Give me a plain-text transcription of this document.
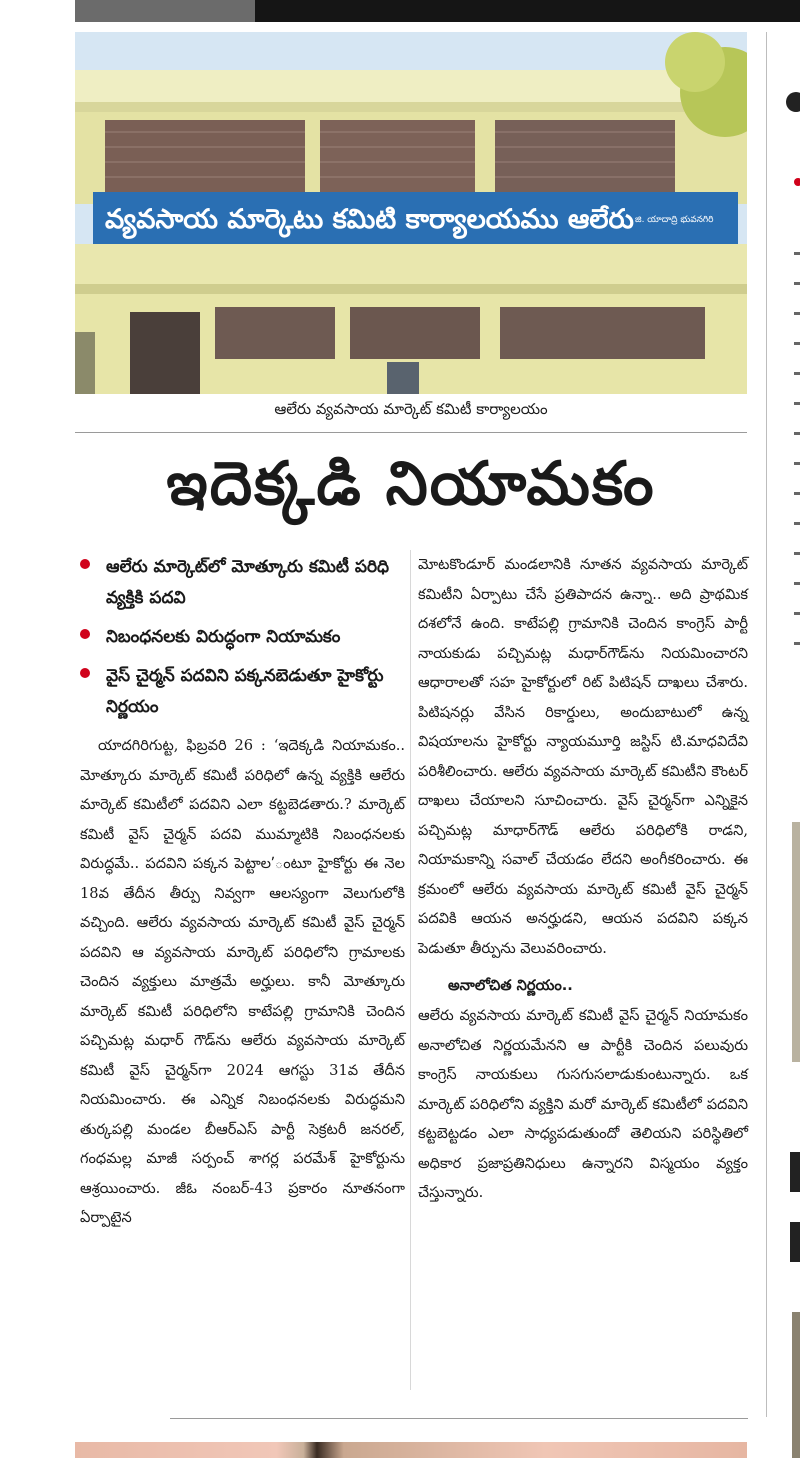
వ్యవసాయ మార్కెటు కమిటి కార్యాలయము ఆలేరు జి. యాదాద్రి భువనగిరి
ఆలేరు వ్యవసాయ మార్కెట్ కమిటీ కార్యాలయం
ఇదెక్కడి నియామకం
ఆలేరు మార్కెట్‌లో మోత్కూరు కమిటీ పరిధి వ్యక్తికి పదవి
నిబంధనలకు విరుద్ధంగా నియామకం
వైస్ చైర్మన్ పదవిని పక్కనబెడుతూ హైకోర్టు నిర్ణయం

యాదగిరిగుట్ట, ఫిబ్రవరి 26 : ‘ఇదెక్కడి నియామకం.. మోత్కూరు మార్కెట్ కమిటీ పరిధిలో ఉన్న వ్యక్తికి ఆలేరు మార్కెట్ కమిటీలో పదవిని ఎలా కట్టబెడతారు.? మార్కెట్ కమిటీ వైస్ చైర్మన్ పదవి ముమ్మాటికి నిబంధనలకు విరుద్ధమే.. పదవిని పక్కన పెట్టాల’ంటూ హైకోర్టు ఈ నెల 18వ తేదీన తీర్పు నివ్వగా ఆలస్యంగా వెలుగులోకి వచ్చింది. ఆలేరు వ్యవసాయ మార్కెట్ కమిటీ వైస్ చైర్మన్ పదవిని ఆ వ్యవసాయ మార్కెట్ పరిధిలోని గ్రామాలకు చెందిన వ్యక్తులు మాత్రమే అర్హులు. కానీ మోత్కూరు మార్కెట్ కమిటీ పరిధిలోని కాటేపల్లి గ్రామానికి చెందిన పచ్చిమట్ల మధార్ గౌడ్‌ను ఆలేరు వ్యవసాయ మార్కెట్ కమిటీ వైస్ చైర్మన్‌గా 2024 ఆగస్టు 31వ తేదీన నియమించారు. ఈ ఎన్నిక నిబంధనలకు విరుద్ధమని తుర్కపల్లి మండల బీఆర్‌ఎస్ పార్టీ సెక్రటరీ జనరల్, గంధమల్ల మాజీ సర్పంచ్ శాగర్ల పరమేశ్ హైకోర్టును ఆశ్రయించారు. జీఓ నంబర్-43 ప్రకారం నూతనంగా ఏర్పాటైన

మోటకొండూర్ మండలానికి నూతన వ్యవసాయ మార్కెట్ కమిటీని ఏర్పాటు చేసే ప్రతిపాదన ఉన్నా.. అది ప్రాథమిక దశలోనే ఉంది. కాటేపల్లి గ్రామానికి చెందిన కాంగ్రెస్ పార్టీ నాయకుడు పచ్చిమట్ల మధార్‌గౌడ్‌ను నియమించారని ఆధారాలతో సహ హైకోర్టులో రిట్ పిటిషన్ దాఖలు చేశారు. పిటిషనర్లు వేసిన రికార్డులు, అందుబాటులో ఉన్న విషయాలను హైకోర్టు న్యాయమూర్తి జస్టిస్ టి.మాధవిదేవి పరిశీలించారు. ఆలేరు వ్యవసాయ మార్కెట్ కమిటీని కౌంటర్ దాఖలు చేయాలని సూచించారు. వైస్ చైర్మన్‌గా ఎన్నికైన పచ్చిమట్ల మాధార్‌గౌడ్ ఆలేరు పరిధిలోకి రాడని, నియామకాన్ని సవాల్ చేయడం లేదని అంగీకరించారు. ఈ క్రమంలో ఆలేరు వ్యవసాయ మార్కెట్ కమిటీ వైస్ చైర్మన్ పదవికి ఆయన అనర్హుడని, ఆయన పదవిని పక్కన పెడుతూ తీర్పును వెలువరించారు.

అనాలోచిత నిర్ణయం..

ఆలేరు వ్యవసాయ మార్కెట్ కమిటీ వైస్ చైర్మన్ నియామకం అనాలోచిత నిర్ణయమేనని ఆ పార్టీకి చెందిన పలువురు కాంగ్రెస్ నాయకులు గుసగుసలాడుకుంటున్నారు. ఒక మార్కెట్ పరిధిలోని వ్యక్తిని మరో మార్కెట్ కమిటీలో పదవిని కట్టబెట్టడం ఎలా సాధ్యపడుతుందో తెలియని పరిస్థితిలో అధికార ప్రజాప్రతినిధులు ఉన్నారని విస్మయం వ్యక్తం చేస్తున్నారు.
